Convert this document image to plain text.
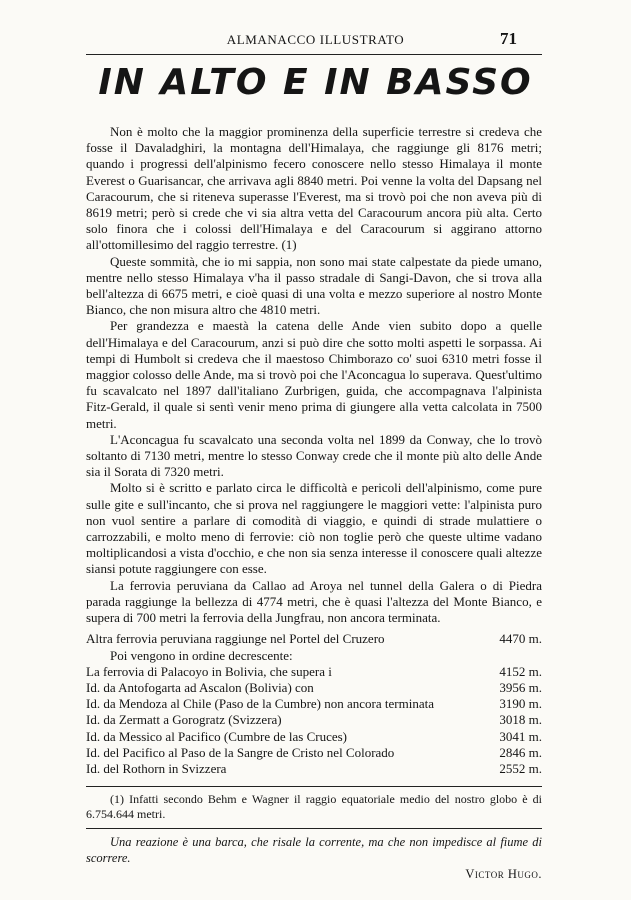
ALMANACCO ILLUSTRATO	71
IN ALTO E IN BASSO

Non è molto che la maggior prominenza della superficie terrestre si credeva che fosse il Davaladghiri, la montagna dell'Himalaya, che raggiunge gli 8176 metri; quando i progressi dell'alpinismo fecero conoscere nello stesso Himalaya il monte Everest o Guarisancar, che arrivava agli 8840 metri. Poi venne la volta del Dapsang nel Caracourum, che si riteneva superasse l'Everest, ma si trovò poi che non aveva più di 8619 metri; però si crede che vi sia altra vetta del Caracourum ancora più alta. Certo solo finora che i colossi dell'Himalaya e del Caracourum si aggirano attorno all'ottomillesimo del raggio terrestre. (1)

Queste sommità, che io mi sappia, non sono mai state calpestate da piede umano, mentre nello stesso Himalaya v'ha il passo stradale di Sangi-Davon, che si trova alla bell'altezza di 6675 metri, e cioè quasi di una volta e mezzo superiore al nostro Monte Bianco, che non misura altro che 4810 metri.

Per grandezza e maestà la catena delle Ande vien subito dopo a quelle dell'Himalaya e del Caracourum, anzi si può dire che sotto molti aspetti le sorpassa. Ai tempi di Humbolt si credeva che il maestoso Chimborazo co' suoi 6310 metri fosse il maggior colosso delle Ande, ma si trovò poi che l'Aconcagua lo superava. Quest'ultimo fu scavalcato nel 1897 dall'italiano Zurbrigen, guida, che accompagnava l'alpinista Fitz-Gerald, il quale si sentì venir meno prima di giungere alla vetta calcolata in 7500 metri.

L'Aconcagua fu scavalcato una seconda volta nel 1899 da Conway, che lo trovò soltanto di 7130 metri, mentre lo stesso Conway crede che il monte più alto delle Ande sia il Sorata di 7320 metri.

Molto si è scritto e parlato circa le difficoltà e pericoli dell'alpinismo, come pure sulle gite e sull'incanto, che si prova nel raggiungere le maggiori vette: l'alpinista puro non vuol sentire a parlare di comodità di viaggio, e quindi di strade mulattiere o carrozzabili, e molto meno di ferrovie: ciò non toglie però che queste ultime vadano moltiplicandosi a vista d'occhio, e che non sia senza interesse il conoscere quali altezze siansi potute raggiungere con esse.

La ferrovia peruviana da Callao ad Aroya nel tunnel della Galera o di Piedra parada raggiunge la bellezza di 4774 metri, che è quasi l'altezza del Monte Bianco, e supera di 700 metri la ferrovia della Jungfrau, non ancora terminata.

Altra ferrovia peruviana raggiunge nel Portel del Cruzero	4470 m.
Poi vengono in ordine decrescente:	
La ferrovia di Palacoyo in Bolivia, che supera i	4152 m.
Id. da Antofogarta ad Ascalon (Bolivia) con	3956 m.
Id. da Mendoza al Chile (Paso de la Cumbre) non ancora terminata	3190 m.
Id. da Zermatt a Gorogratz (Svizzera)	3018 m.
Id. da Messico al Pacifico (Cumbre de las Cruces)	3041 m.
Id. del Pacifico al Paso de la Sangre de Cristo nel Colorado	2846 m.
Id. del Rothorn in Svizzera	2552 m.

(1) Infatti secondo Behm e Wagner il raggio equatoriale medio del nostro globo è di 6.754.644 metri.

Una reazione è una barca, che risale la corrente, ma che non impedisce al fiume di scorrere.

Victor Hugo.
